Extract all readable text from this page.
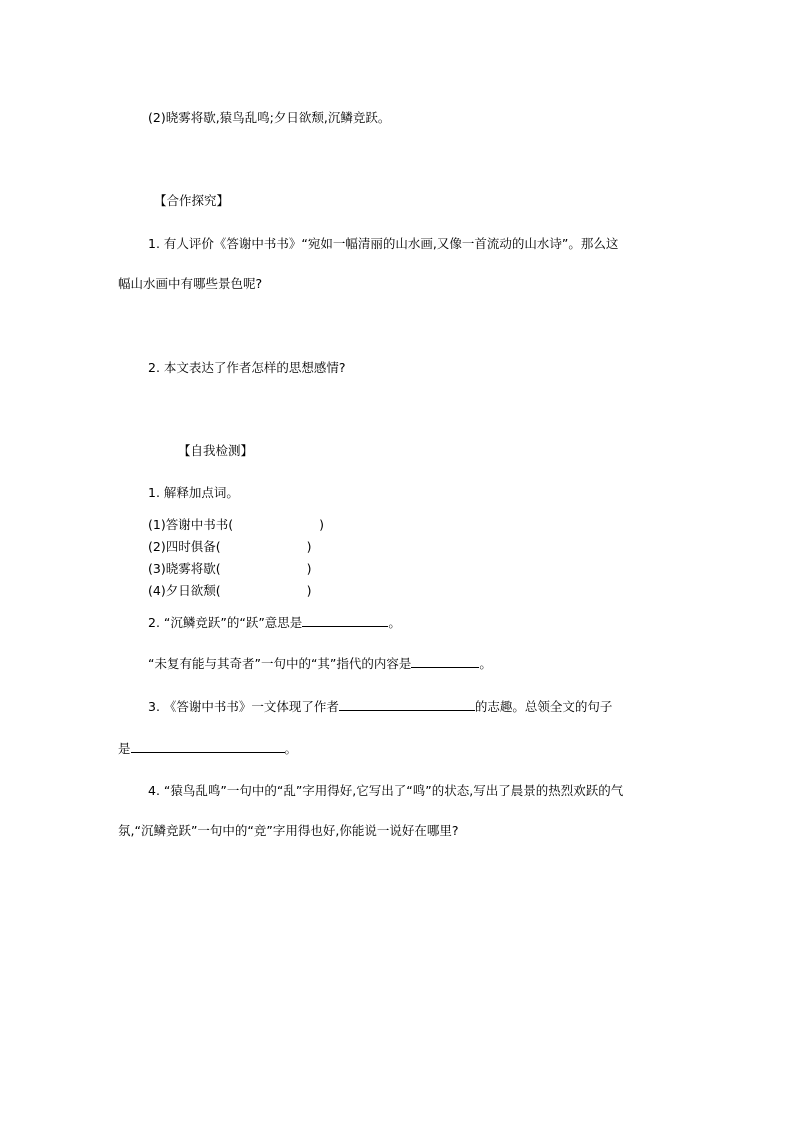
(2)晓雾将歇,猿鸟乱鸣;夕日欲颓,沉鳞竞跃。
【合作探究】
1. 有人评价《答谢中书书》“宛如一幅清丽的山水画,又像一首流动的山水诗”。那么这
幅山水画中有哪些景色呢?
2. 本文表达了作者怎样的思想感情?
【自我检测】
1. 解释加点词。
(1)答谢中书书(	)
(2)四时俱备(	)
(3)晓雾将歇(	)
(4)夕日欲颓(	)
2. “沉鳞竞跃”的“跃”意思是	。
“未复有能与其奇者”一句中的“其”指代的内容是	。
3. 《答谢中书书》一文体现了作者	的志趣。总领全文的句子
是	。
4. “猿鸟乱鸣”一句中的“乱”字用得好,它写出了“鸣”的状态,写出了晨景的热烈欢跃的气
氛,“沉鳞竞跃”一句中的“竞”字用得也好,你能说一说好在哪里?
